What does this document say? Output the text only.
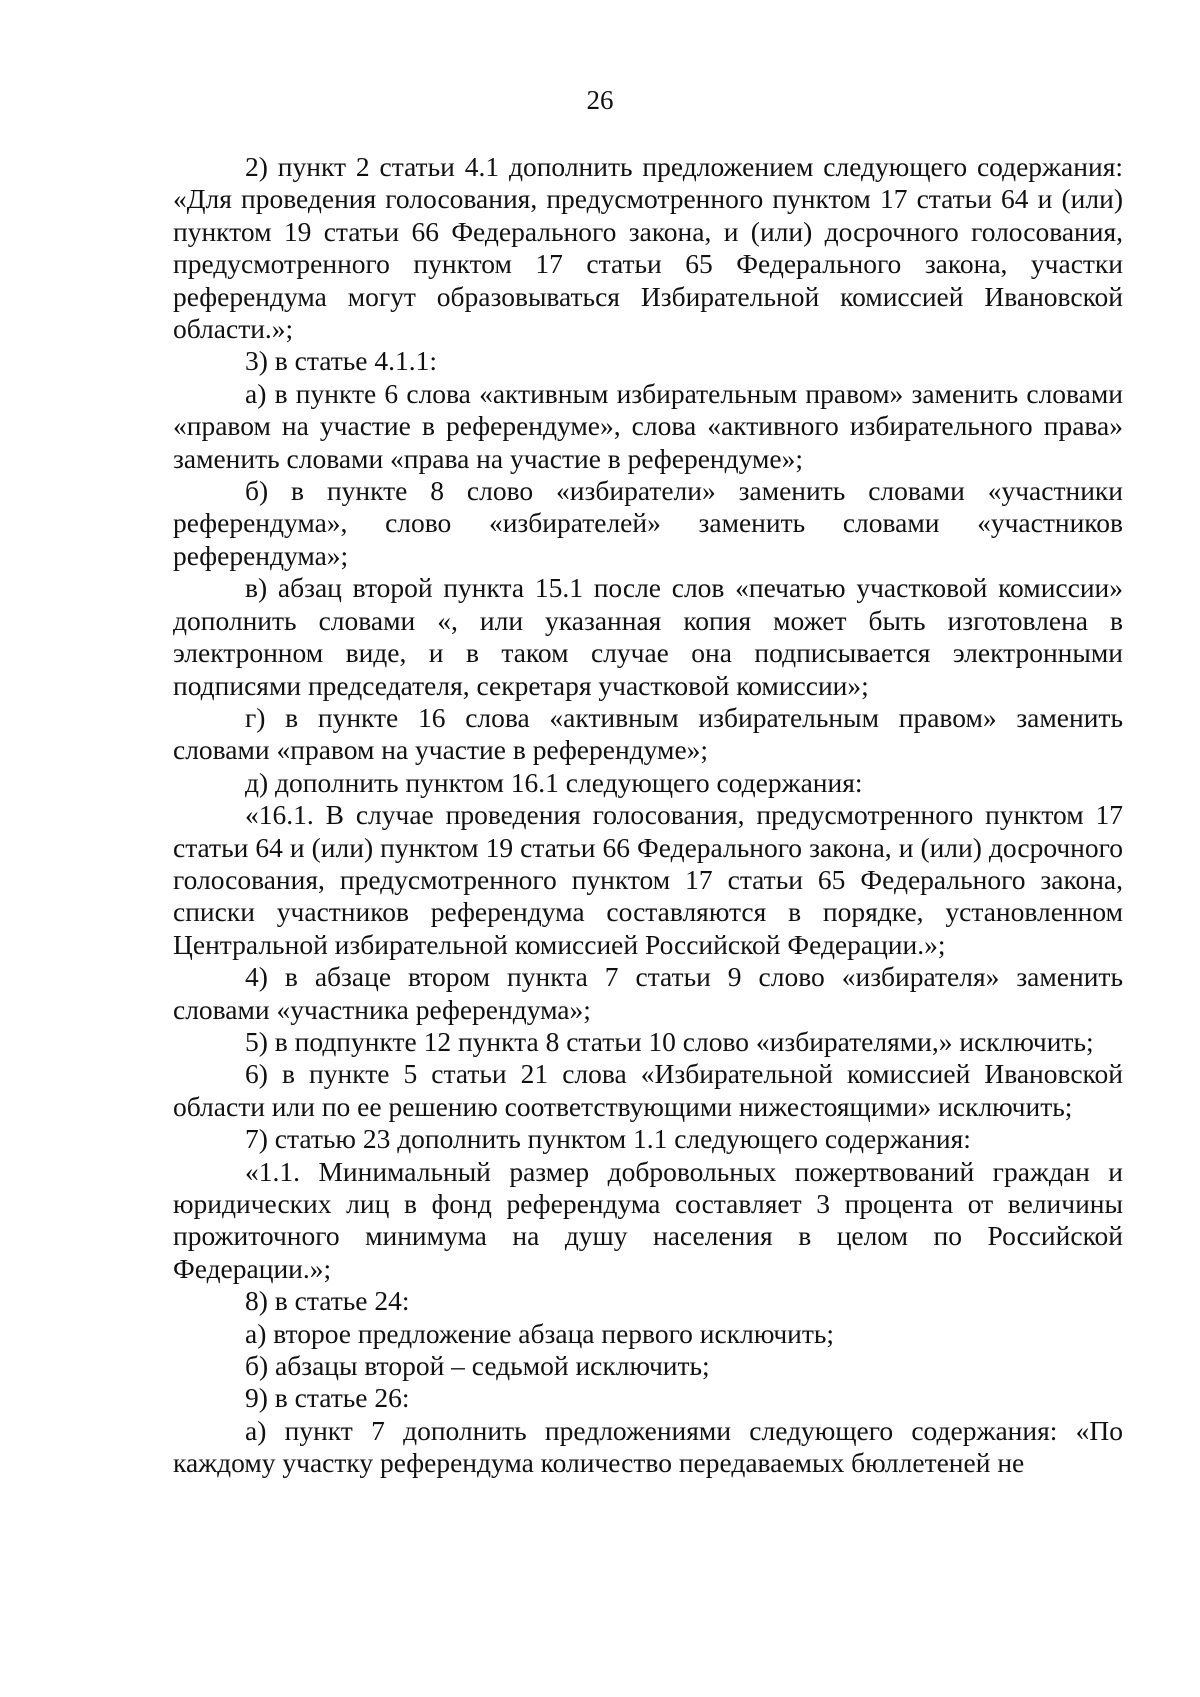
26

2) пункт 2 статьи 4.1 дополнить предложением следующего содержания: «Для проведения голосования, предусмотренного пунктом 17 статьи 64 и (или) пунктом 19 статьи 66 Федерального закона, и (или) досрочного голосования, предусмотренного пунктом 17 статьи 65 Федерального закона, участки референдума могут образовываться Избирательной комиссией Ивановской области.»;

3) в статье 4.1.1:

а) в пункте 6 слова «активным избирательным правом» заменить словами «правом на участие в референдуме», слова «активного избирательного права» заменить словами «права на участие в референдуме»;

б) в пункте 8 слово «избиратели» заменить словами «участники референдума», слово «избирателей» заменить словами «участников референдума»;

в) абзац второй пункта 15.1 после слов «печатью участковой комиссии» дополнить словами «, или указанная копия может быть изготовлена в электронном виде, и в таком случае она подписывается электронными подписями председателя, секретаря участковой комиссии»;

г) в пункте 16 слова «активным избирательным правом» заменить словами «правом на участие в референдуме»;

д) дополнить пунктом 16.1 следующего содержания:

«16.1. В случае проведения голосования, предусмотренного пунктом 17 статьи 64 и (или) пунктом 19 статьи 66 Федерального закона, и (или) досрочного голосования, предусмотренного пунктом 17 статьи 65 Федерального закона, списки участников референдума составляются в порядке, установленном Центральной избирательной комиссией Российской Федерации.»;

4) в абзаце втором пункта 7 статьи 9 слово «избирателя» заменить словами «участника референдума»;

5) в подпункте 12 пункта 8 статьи 10 слово «избирателями,» исключить;

6) в пункте 5 статьи 21 слова «Избирательной комиссией Ивановской области или по ее решению соответствующими нижестоящими» исключить;

7) статью 23 дополнить пунктом 1.1 следующего содержания:

«1.1. Минимальный размер добровольных пожертвований граждан и юридических лиц в фонд референдума составляет 3 процента от величины прожиточного минимума на душу населения в целом по Российской Федерации.»;

8) в статье 24:

а) второе предложение абзаца первого исключить;

б) абзацы второй – седьмой исключить;

9) в статье 26:

а) пункт 7 дополнить предложениями следующего содержания: «По каждому участку референдума количество передаваемых бюллетеней не
